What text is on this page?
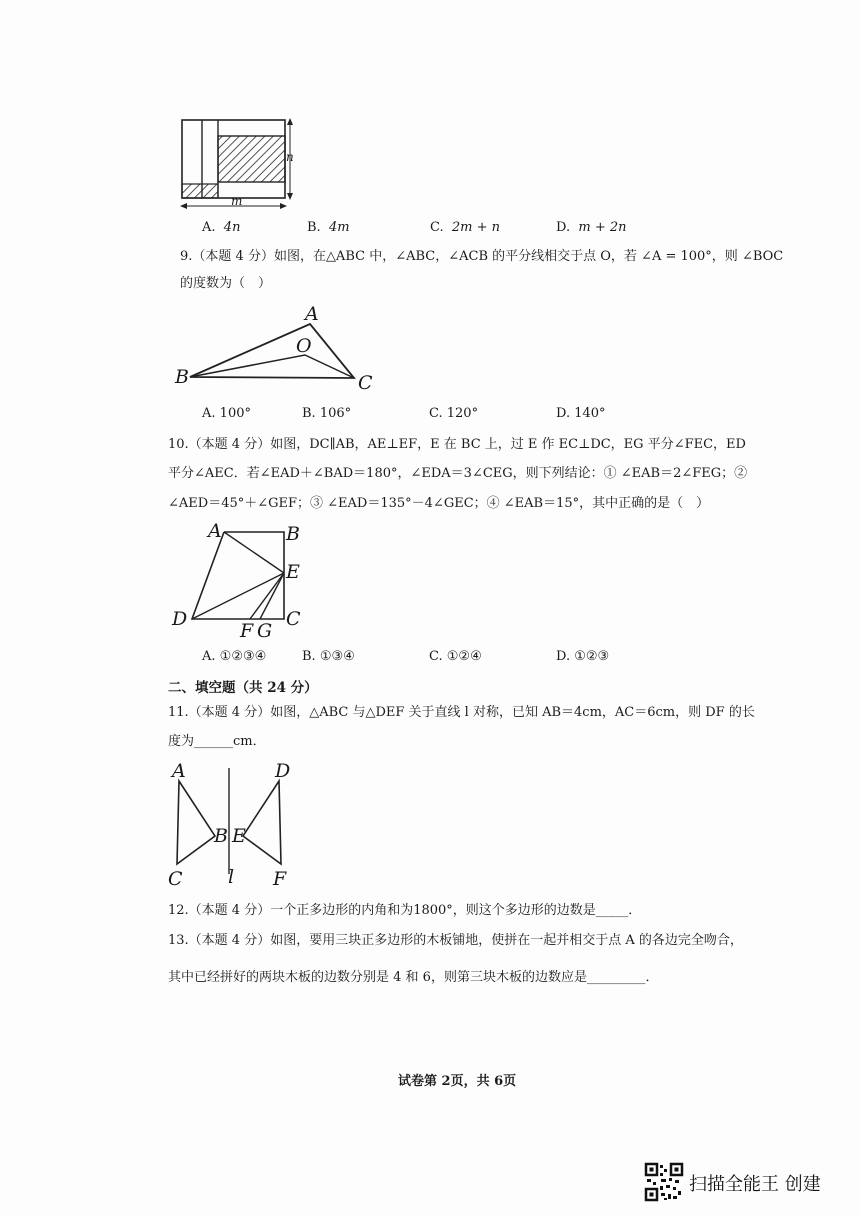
n
m
A. 4n	B. 4m	C. 2m + n	D. m + 2n
9.（本题 4 分）如图，在△ABC 中，∠ABC，∠ACB 的平分线相交于点 O，若 ∠A = 100°，则 ∠BOC
的度数为（　）
A
O
B	C
A. 100°	B. 106°	C. 120°	D. 140°
10.（本题 4 分）如图，DC∥AB，AE⊥EF，E 在 BC 上，过 E 作 EC⊥DC，EG 平分∠FEC，ED
平分∠AEC．若∠EAD＋∠BAD＝180°，∠EDA＝3∠CEG，则下列结论：① ∠EAB＝2∠FEG；②
∠AED＝45°＋∠GEF；③ ∠EAD＝135°－4∠GEC；④ ∠EAB＝15°，其中正确的是（　）
A	B
E
D	C
F G
A. ①②③④	B. ①③④	C. ①②④	D. ①②③
二、填空题（共 24 分）
11.（本题 4 分）如图，△ABC 与△DEF 关于直线 l 对称，已知 AB＝4cm，AC＝6cm，则 DF 的长
度为______cm．
A
B E
D
C l F
12.（本题 4 分）一个正多边形的内角和为1800°，则这个多边形的边数是_____．
13.（本题 4 分）如图，要用三块正多边形的木板铺地，使拼在一起并相交于点 A 的各边完全吻合，
其中已经拼好的两块木板的边数分别是 4 和 6，则第三块木板的边数应是_________．
试卷第 2页，共 6页
扫描全能王 创建
